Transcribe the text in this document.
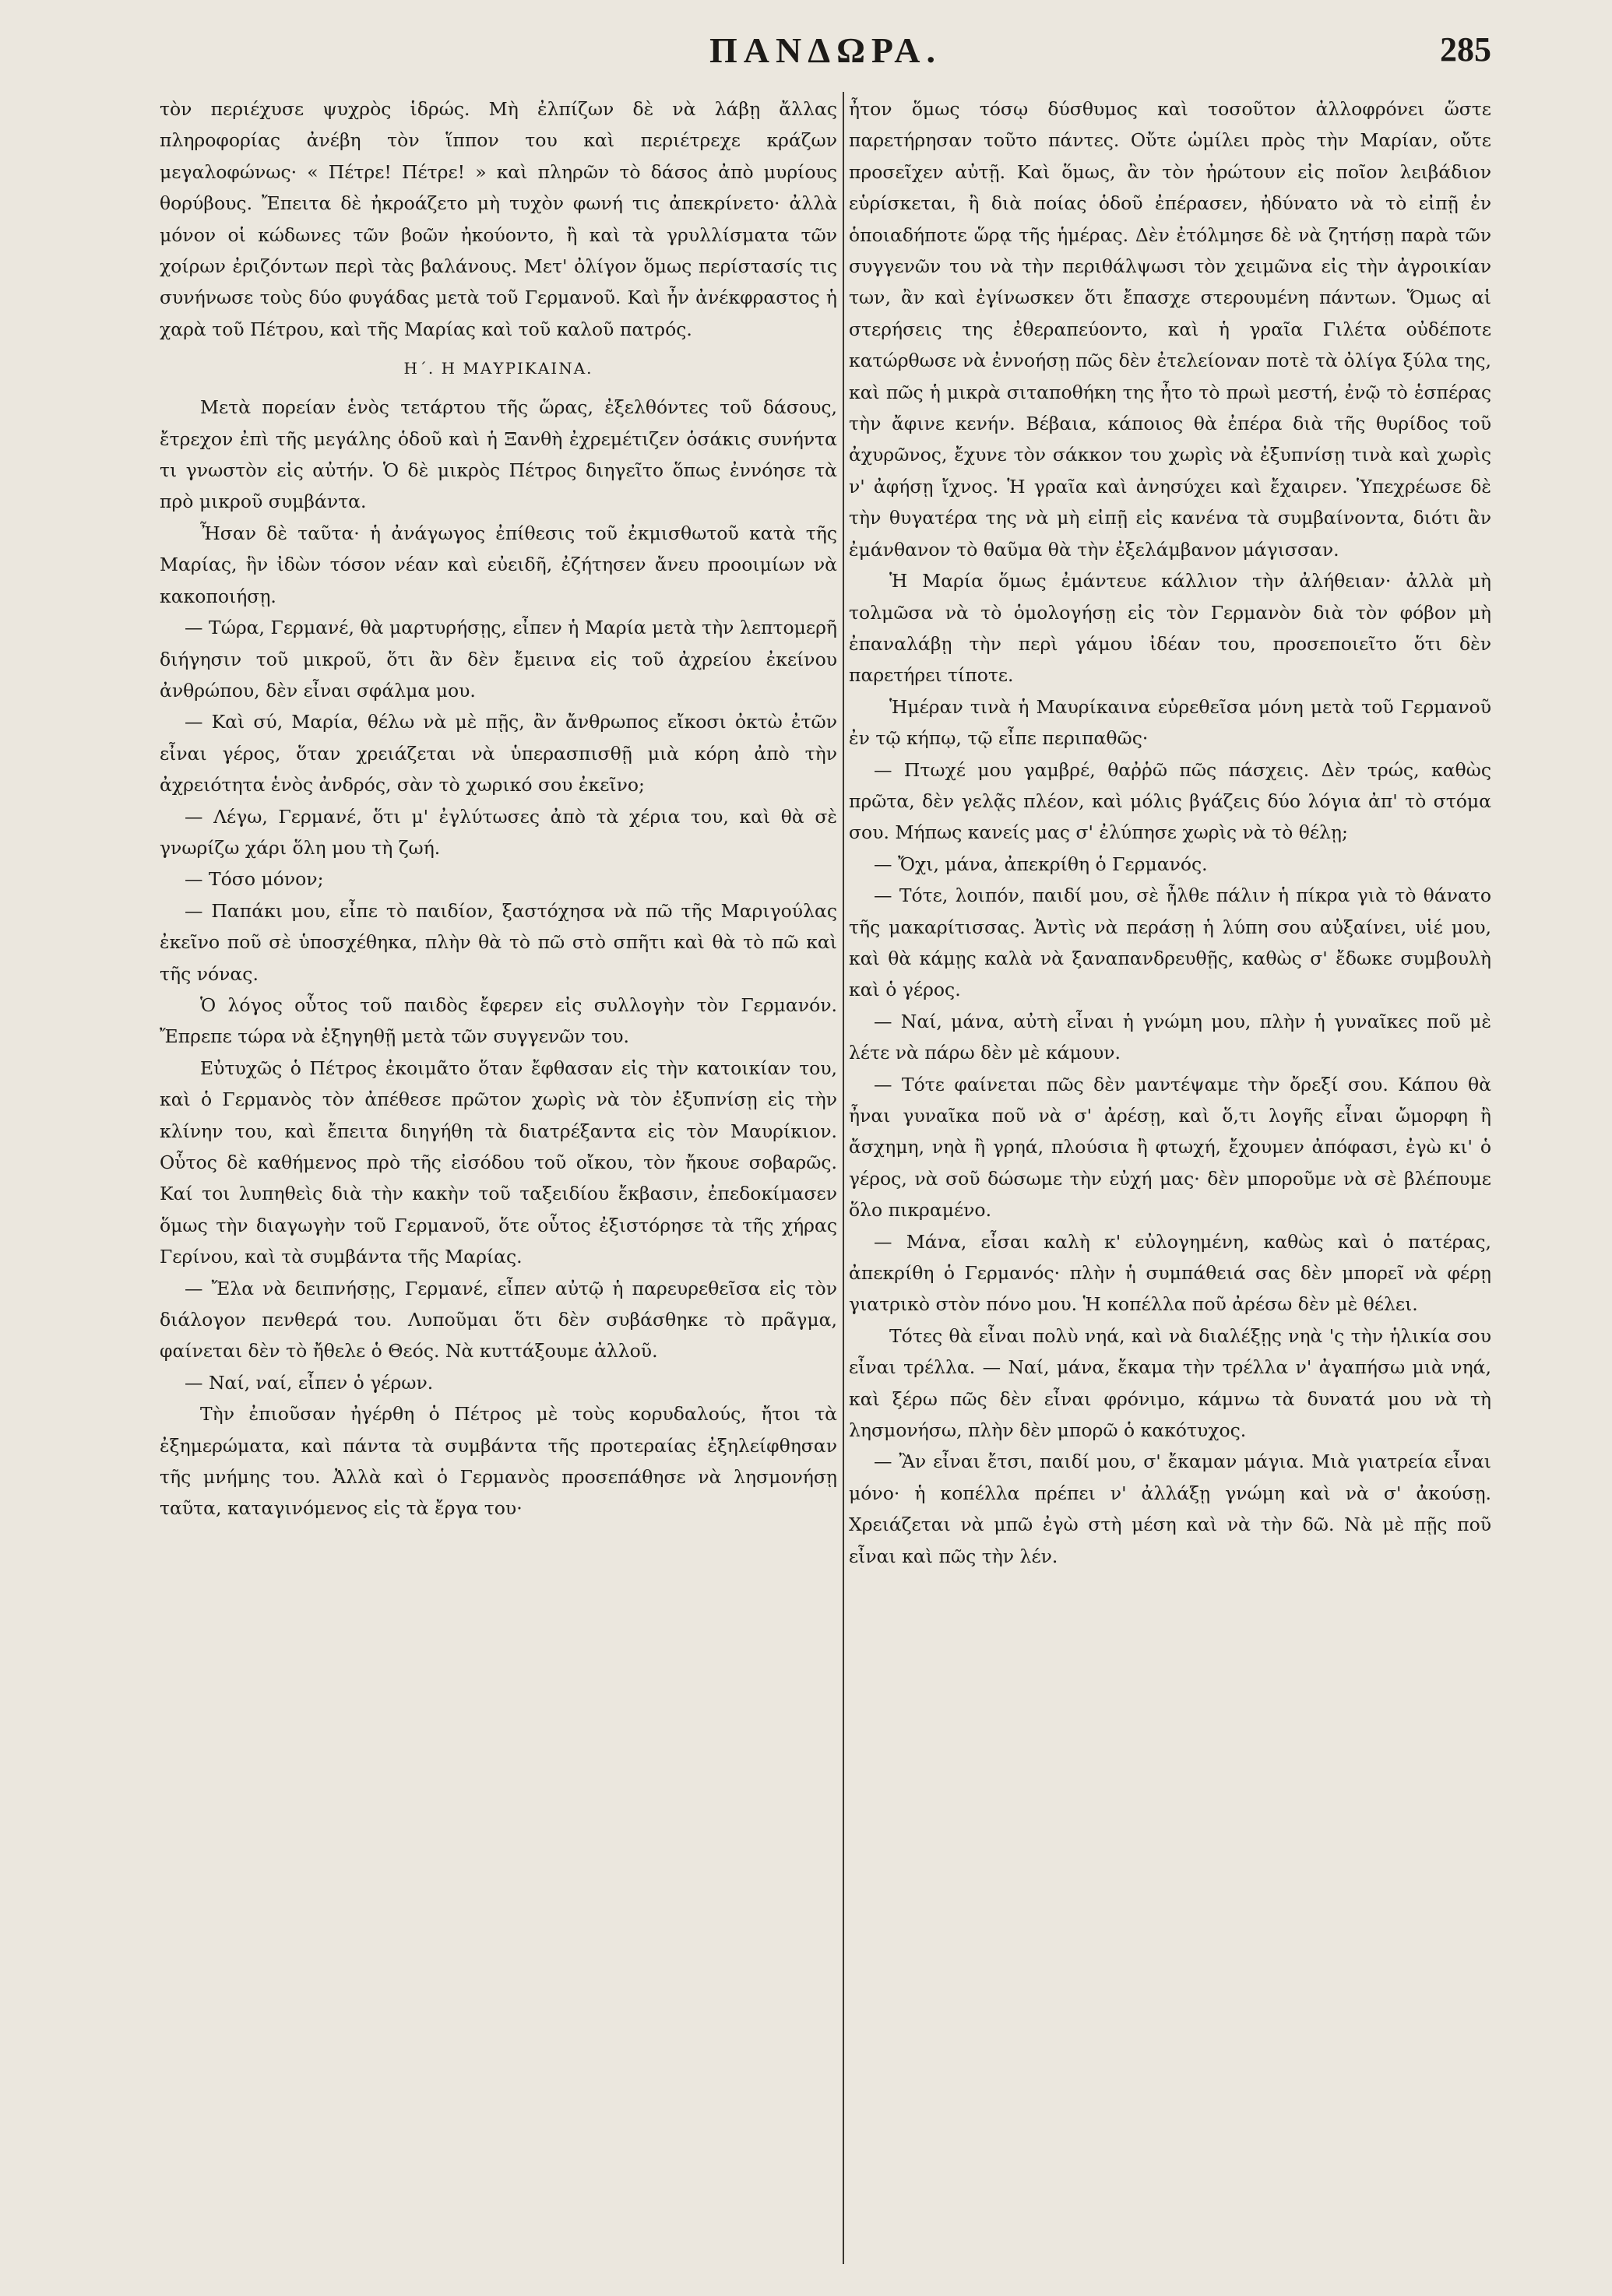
ΠΑΝΔΩΡΑ.	285

τὸν περιέχυσε ψυχρὸς ἱδρώς. Μὴ ἐλπίζων δὲ νὰ λάβῃ ἄλλας πληροφορίας ἀνέβη τὸν ἵππον του καὶ περιέτρεχε κράζων μεγαλοφώνως· « Πέτρε! Πέτρε! » καὶ πληρῶν τὸ δάσος ἀπὸ μυρίους θορύβους. Ἔπειτα δὲ ἠκροάζετο μὴ τυχὸν φωνή τις ἀπεκρίνετο· ἀλλὰ μόνον οἱ κώδωνες τῶν βοῶν ἠκούοντο, ἢ καὶ τὰ γρυλλίσματα τῶν χοίρων ἐριζόντων περὶ τὰς βαλάνους. Μετ' ὀλίγον ὅμως περίστασίς τις συνήνωσε τοὺς δύο φυγάδας μετὰ τοῦ Γερμανοῦ. Καὶ ἦν ἀνέκφραστος ἡ χαρὰ τοῦ Πέτρου, καὶ τῆς Μαρίας καὶ τοῦ καλοῦ πατρός.

Η΄. Η ΜΑΥΡΙΚΑΙΝΑ.

Μετὰ πορείαν ἑνὸς τετάρτου τῆς ὥρας, ἐξελθόντες τοῦ δάσους, ἔτρεχον ἐπὶ τῆς μεγάλης ὁδοῦ καὶ ἡ Ξανθὴ ἐχρεμέτιζεν ὁσάκις συνήντα τι γνωστὸν εἰς αὐτήν. Ὁ δὲ μικρὸς Πέτρος διηγεῖτο ὅπως ἐννόησε τὰ πρὸ μικροῦ συμβάντα.

Ἦσαν δὲ ταῦτα· ἡ ἀνάγωγος ἐπίθεσις τοῦ ἐκμισθωτοῦ κατὰ τῆς Μαρίας, ἣν ἰδὼν τόσον νέαν καὶ εὐειδῆ, ἐζήτησεν ἄνευ προοιμίων νὰ κακοποιήσῃ.

— Τώρα, Γερμανέ, θὰ μαρτυρήσῃς, εἶπεν ἡ Μαρία μετὰ τὴν λεπτομερῆ διήγησιν τοῦ μικροῦ, ὅτι ἂν δὲν ἔμεινα εἰς τοῦ ἀχρείου ἐκείνου ἀνθρώπου, δὲν εἶναι σφάλμα μου.

— Καὶ σύ, Μαρία, θέλω νὰ μὲ πῇς, ἂν ἄνθρωπος εἴκοσι ὀκτὼ ἐτῶν εἶναι γέρος, ὅταν χρειάζεται νὰ ὑπερασπισθῇ μιὰ κόρη ἀπὸ τὴν ἀχρειότητα ἑνὸς ἀνδρός, σὰν τὸ χωρικό σου ἐκεῖνο;

— Λέγω, Γερμανέ, ὅτι μ' ἐγλύτωσες ἀπὸ τὰ χέρια του, καὶ θὰ σὲ γνωρίζω χάρι ὅλη μου τὴ ζωή.

— Τόσο μόνον;

— Παπάκι μου, εἶπε τὸ παιδίον, ξαστόχησα νὰ πῶ τῆς Μαριγούλας ἐκεῖνο ποῦ σὲ ὑποσχέθηκα, πλὴν θὰ τὸ πῶ στὸ σπῆτι καὶ θὰ τὸ πῶ καὶ τῆς νόνας.

Ὁ λόγος οὗτος τοῦ παιδὸς ἔφερεν εἰς συλλογὴν τὸν Γερμανόν. Ἔπρεπε τώρα νὰ ἐξηγηθῇ μετὰ τῶν συγγενῶν του.

Εὐτυχῶς ὁ Πέτρος ἐκοιμᾶτο ὅταν ἔφθασαν εἰς τὴν κατοικίαν του, καὶ ὁ Γερμανὸς τὸν ἀπέθεσε πρῶτον χωρὶς νὰ τὸν ἐξυπνίσῃ εἰς τὴν κλίνην του, καὶ ἔπειτα διηγήθη τὰ διατρέξαντα εἰς τὸν Μαυρίκιον. Οὗτος δὲ καθήμενος πρὸ τῆς εἰσόδου τοῦ οἴκου, τὸν ἤκουε σοβαρῶς. Καί τοι λυπηθεὶς διὰ τὴν κακὴν τοῦ ταξειδίου ἔκβασιν, ἐπεδοκίμασεν ὅμως τὴν διαγωγὴν τοῦ Γερμανοῦ, ὅτε οὗτος ἐξιστόρησε τὰ τῆς χήρας Γερίνου, καὶ τὰ συμβάντα τῆς Μαρίας.

— Ἔλα νὰ δειπνήσῃς, Γερμανέ, εἶπεν αὐτῷ ἡ παρευρεθεῖσα εἰς τὸν διάλογον πενθερά του. Λυποῦμαι ὅτι δὲν συβάσθηκε τὸ πρᾶγμα, φαίνεται δὲν τὸ ἤθελε ὁ Θεός. Νὰ κυττάξουμε ἀλλοῦ.

— Ναί, ναί, εἶπεν ὁ γέρων.

Τὴν ἐπιοῦσαν ἠγέρθη ὁ Πέτρος μὲ τοὺς κορυδαλούς, ἤτοι τὰ ἐξημερώματα, καὶ πάντα τὰ συμβάντα τῆς προτεραίας ἐξηλείφθησαν τῆς μνήμης του. Ἀλλὰ καὶ ὁ Γερμανὸς προσεπάθησε νὰ λησμονήσῃ ταῦτα, καταγινόμενος εἰς τὰ ἔργα του·

ἦτον ὅμως τόσῳ δύσθυμος καὶ τοσοῦτον ἀλλοφρόνει ὥστε παρετήρησαν τοῦτο πάντες. Οὔτε ὡμίλει πρὸς τὴν Μαρίαν, οὔτε προσεῖχεν αὐτῇ. Καὶ ὅμως, ἂν τὸν ἠρώτουν εἰς ποῖον λειβάδιον εὑρίσκεται, ἢ διὰ ποίας ὁδοῦ ἐπέρασεν, ἠδύνατο νὰ τὸ εἰπῇ ἐν ὁποιαδήποτε ὥρᾳ τῆς ἡμέρας. Δὲν ἐτόλμησε δὲ νὰ ζητήσῃ παρὰ τῶν συγγενῶν του νὰ τὴν περιθάλψωσι τὸν χειμῶνα εἰς τὴν ἀγροικίαν των, ἂν καὶ ἐγίνωσκεν ὅτι ἔπασχε στερουμένη πάντων. Ὅμως αἱ στερήσεις της ἐθεραπεύοντο, καὶ ἡ γραῖα Γιλέτα οὐδέποτε κατώρθωσε νὰ ἐννοήσῃ πῶς δὲν ἐτελείοναν ποτὲ τὰ ὀλίγα ξύλα της, καὶ πῶς ἡ μικρὰ σιταποθήκη της ἦτο τὸ πρωὶ μεστή, ἐνῷ τὸ ἑσπέρας τὴν ἄφινε κενήν. Βέβαια, κάποιος θὰ ἐπέρα διὰ τῆς θυρίδος τοῦ ἀχυρῶνος, ἔχυνε τὸν σάκκον του χωρὶς νὰ ἐξυπνίσῃ τινὰ καὶ χωρὶς ν' ἀφήσῃ ἴχνος. Ἡ γραῖα καὶ ἀνησύχει καὶ ἔχαιρεν. Ὑπεχρέωσε δὲ τὴν θυγατέρα της νὰ μὴ εἰπῇ εἰς κανένα τὰ συμβαίνοντα, διότι ἂν ἐμάνθανον τὸ θαῦμα θὰ τὴν ἐξελάμβανον μάγισσαν.

Ἡ Μαρία ὅμως ἐμάντευε κάλλιον τὴν ἀλήθειαν· ἀλλὰ μὴ τολμῶσα νὰ τὸ ὁμολογήσῃ εἰς τὸν Γερμανὸν διὰ τὸν φόβον μὴ ἐπαναλάβῃ τὴν περὶ γάμου ἰδέαν του, προσεποιεῖτο ὅτι δὲν παρετήρει τίποτε.

Ἡμέραν τινὰ ἡ Μαυρίκαινα εὑρεθεῖσα μόνη μετὰ τοῦ Γερμανοῦ ἐν τῷ κήπῳ, τῷ εἶπε περιπαθῶς·

— Πτωχέ μου γαμβρέ, θαῤῥῶ πῶς πάσχεις. Δὲν τρώς, καθὼς πρῶτα, δὲν γελᾷς πλέον, καὶ μόλις βγάζεις δύο λόγια ἀπ' τὸ στόμα σου. Μήπως κανείς μας σ' ἐλύπησε χωρὶς νὰ τὸ θέλῃ;

— Ὄχι, μάνα, ἀπεκρίθη ὁ Γερμανός.

— Τότε, λοιπόν, παιδί μου, σὲ ἦλθε πάλιν ἡ πίκρα γιὰ τὸ θάνατο τῆς μακαρίτισσας. Ἀντὶς νὰ περάσῃ ἡ λύπη σου αὐξαίνει, υἱέ μου, καὶ θὰ κάμῃς καλὰ νὰ ξαναπανδρευθῇς, καθὼς σ' ἔδωκε συμβουλὴ καὶ ὁ γέρος.

— Ναί, μάνα, αὐτὴ εἶναι ἡ γνώμη μου, πλὴν ἡ γυναῖκες ποῦ μὲ λέτε νὰ πάρω δὲν μὲ κάμουν.

— Τότε φαίνεται πῶς δὲν μαντέψαμε τὴν ὄρεξί σου. Κάπου θὰ ἦναι γυναῖκα ποῦ νὰ σ' ἀρέσῃ, καὶ ὅ,τι λογῆς εἶναι ὤμορφη ἢ ἄσχημη, νηὰ ἢ γρηά, πλούσια ἢ φτωχή, ἔχουμεν ἀπόφασι, ἐγὼ κι' ὁ γέρος, νὰ σοῦ δώσωμε τὴν εὐχή μας· δὲν μποροῦμε νὰ σὲ βλέπουμε ὅλο πικραμένο.

— Μάνα, εἶσαι καλὴ κ' εὐλογημένη, καθὼς καὶ ὁ πατέρας, ἀπεκρίθη ὁ Γερμανός· πλὴν ἡ συμπάθειά σας δὲν μπορεῖ νὰ φέρῃ γιατρικὸ στὸν πόνο μου. Ἡ κοπέλλα ποῦ ἀρέσω δὲν μὲ θέλει.

Τότες θὰ εἶναι πολὺ νηά, καὶ νὰ διαλέξῃς νηὰ 'ς τὴν ἡλικία σου εἶναι τρέλλα. — Ναί, μάνα, ἔκαμα τὴν τρέλλα ν' ἀγαπήσω μιὰ νηά, καὶ ξέρω πῶς δὲν εἶναι φρόνιμο, κάμνω τὰ δυνατά μου νὰ τὴ λησμονήσω, πλὴν δὲν μπορῶ ὁ κακότυχος.

— Ἂν εἶναι ἔτσι, παιδί μου, σ' ἔκαμαν μάγια. Μιὰ γιατρεία εἶναι μόνο· ἡ κοπέλλα πρέπει ν' ἀλλάξῃ γνώμη καὶ νὰ σ' ἀκούσῃ. Χρειάζεται νὰ μπῶ ἐγὼ στὴ μέση καὶ νὰ τὴν δῶ. Νὰ μὲ πῇς ποῦ εἶναι καὶ πῶς τὴν λέν.
